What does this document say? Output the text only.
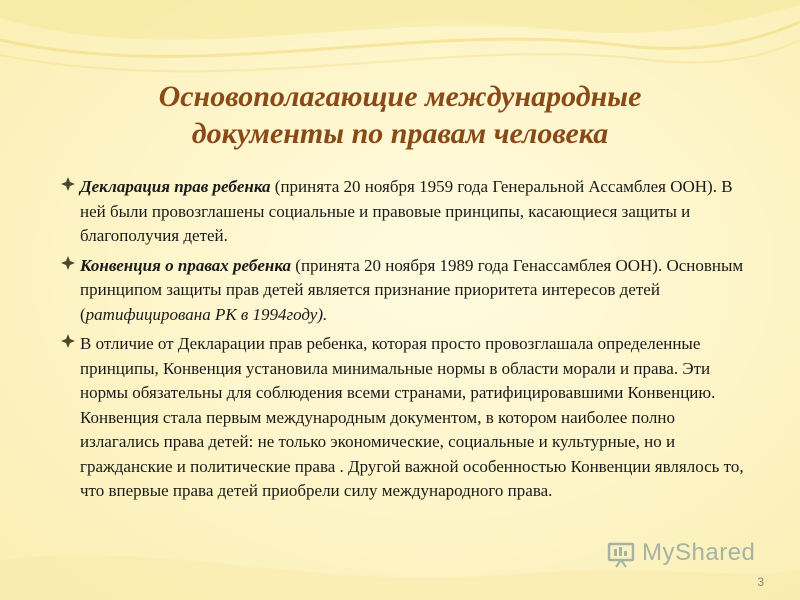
Основополагающие международные
документы по правам человека
Декларация прав ребенка (принята 20 ноября 1959 года Генеральной Ассамблея ООН). В ней были провозглашены социальные и правовые принципы, касающиеся защиты и благополучия детей.
Конвенция о правах ребенка (принята 20 ноября 1989 года Генассамблея ООН). Основным принципом защиты прав детей является признание приоритета интересов детей (ратифицирована РК в 1994году).
В отличие от Декларации прав ребенка, которая просто провозглашала определенные принципы, Конвенция установила минимальные нормы в области морали и права. Эти нормы обязательны для соблюдения всеми странами, ратифицировавшими Конвенцию. Конвенция стала первым международным документом, в котором наиболее полно излагались права детей: не только экономические, социальные и культурные, но и гражданские и политические права . Другой важной особенностью Конвенции являлось то, что впервые права детей приобрели силу международного права.
MyShared
3
